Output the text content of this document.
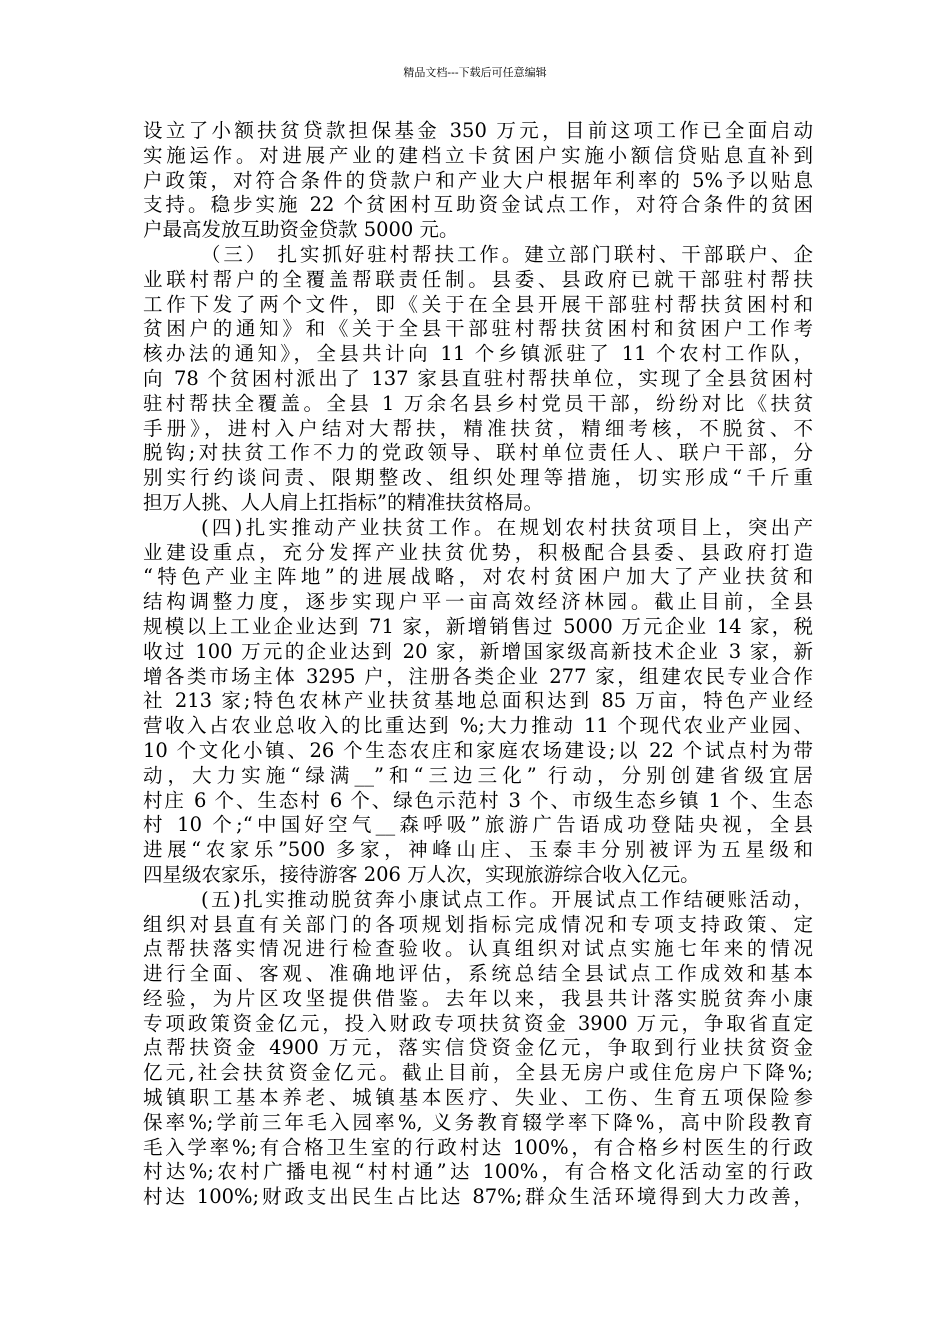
精品文档---下载后可任意编辑
设立了小额扶贫贷款担保基金 350 万元，目前这项工作已全面启动
实施运作。对进展产业的建档立卡贫困户实施小额信贷贴息直补到
户政策，对符合条件的贷款户和产业大户根据年利率的 5%予以贴息
支持。稳步实施 22 个贫困村互助资金试点工作，对符合条件的贫困
户最高发放互助资金贷款 5000 元。
（三） 扎实抓好驻村帮扶工作。建立部门联村、干部联户、企
业联村帮户的全覆盖帮联责任制。县委、县政府已就干部驻村帮扶
工作下发了两个文件，即《关于在全县开展干部驻村帮扶贫困村和
贫困户的通知》和《关于全县干部驻村帮扶贫困村和贫困户工作考
核办法的通知》，全县共计向 11 个乡镇派驻了 11 个农村工作队，
向 78 个贫困村派出了 137 家县直驻村帮扶单位，实现了全县贫困村
驻村帮扶全覆盖。全县 1 万余名县乡村党员干部，纷纷对比《扶贫
手册》，进村入户结对大帮扶，精准扶贫，精细考核，不脱贫、不
脱钩;对扶贫工作不力的党政领导、联村单位责任人、联户干部，分
别实行约谈问责、限期整改、组织处理等措施，切实形成“千斤重
担万人挑、人人肩上扛指标”的精准扶贫格局。
(四)扎实推动产业扶贫工作。在规划农村扶贫项目上，突出产
业建设重点，充分发挥产业扶贫优势，积极配合县委、县政府打造
“特色产业主阵地”的进展战略，对农村贫困户加大了产业扶贫和
结构调整力度，逐步实现户平一亩高效经济林园。截止目前，全县
规模以上工业企业达到 71 家，新增销售过 5000 万元企业 14 家，税
收过 100 万元的企业达到 20 家，新增国家级高新技术企业 3 家，新
增各类市场主体 3295 户，注册各类企业 277 家，组建农民专业合作
社 213 家;特色农林产业扶贫基地总面积达到 85 万亩，特色产业经
营收入占农业总收入的比重达到 %;大力推动 11 个现代农业产业园、
10 个文化小镇、26 个生态农庄和家庭农场建设;以 22 个试点村为带
动，大力实施“绿满__”和“三边三化” 行动，分别创建省级宜居
村庄 6 个、生态村 6 个、绿色示范村 3 个、市级生态乡镇 1 个、生态
村 10 个;“中国好空气__森呼吸”旅游广告语成功登陆央视，全县
进展“农家乐”500 多家，神峰山庄、玉泰丰分别被评为五星级和
四星级农家乐，接待游客 206 万人次，实现旅游综合收入亿元。
(五)扎实推动脱贫奔小康试点工作。开展试点工作结硬账活动，
组织对县直有关部门的各项规划指标完成情况和专项支持政策、定
点帮扶落实情况进行检查验收。认真组织对试点实施七年来的情况
进行全面、客观、准确地评估，系统总结全县试点工作成效和基本
经验，为片区攻坚提供借鉴。去年以来，我县共计落实脱贫奔小康
专项政策资金亿元，投入财政专项扶贫资金 3900 万元，争取省直定
点帮扶资金 4900 万元，落实信贷资金亿元，争取到行业扶贫资金
亿元,社会扶贫资金亿元。截止目前，全县无房户或住危房户下降%;
城镇职工基本养老、城镇基本医疗、失业、工伤、生育五项保险参
保率%;学前三年毛入园率%, 义务教育辍学率下降%，高中阶段教育
毛入学率%;有合格卫生室的行政村达 100%，有合格乡村医生的行政
村达%;农村广播电视“村村通”达 100%，有合格文化活动室的行政
村达 100%;财政支出民生占比达 87%;群众生活环境得到大力改善，
